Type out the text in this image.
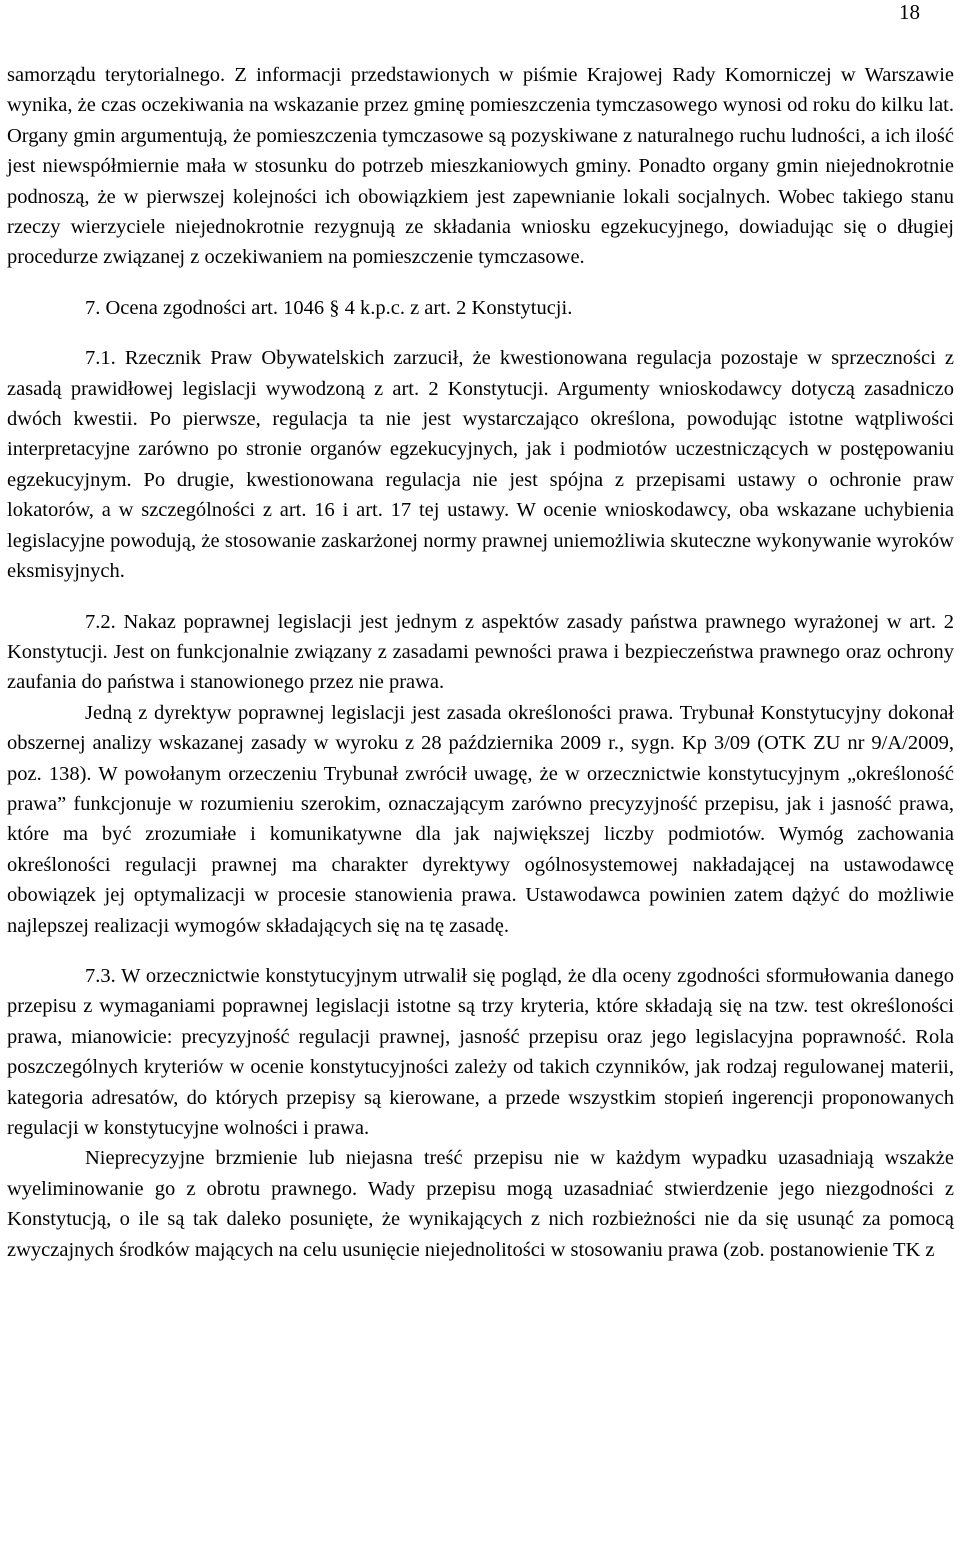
18

samorządu terytorialnego. Z informacji przedstawionych w piśmie Krajowej Rady Komorniczej w Warszawie wynika, że czas oczekiwania na wskazanie przez gminę pomieszczenia tymczasowego wynosi od roku do kilku lat. Organy gmin argumentują, że pomieszczenia tymczasowe są pozyskiwane z naturalnego ruchu ludności, a ich ilość jest niewspółmiernie mała w stosunku do potrzeb mieszkaniowych gminy. Ponadto organy gmin niejednokrotnie podnoszą, że w pierwszej kolejności ich obowiązkiem jest zapewnianie lokali socjalnych. Wobec takiego stanu rzeczy wierzyciele niejednokrotnie rezygnują ze składania wniosku egzekucyjnego, dowiadując się o długiej procedurze związanej z oczekiwaniem na pomieszczenie tymczasowe.

7. Ocena zgodności art. 1046 § 4 k.p.c. z art. 2 Konstytucji.

7.1. Rzecznik Praw Obywatelskich zarzucił, że kwestionowana regulacja pozostaje w sprzeczności z zasadą prawidłowej legislacji wywodzoną z art. 2 Konstytucji. Argumenty wnioskodawcy dotyczą zasadniczo dwóch kwestii. Po pierwsze, regulacja ta nie jest wystarczająco określona, powodując istotne wątpliwości interpretacyjne zarówno po stronie organów egzekucyjnych, jak i podmiotów uczestniczących w postępowaniu egzekucyjnym. Po drugie, kwestionowana regulacja nie jest spójna z przepisami ustawy o ochronie praw lokatorów, a w szczególności z art. 16 i art. 17 tej ustawy. W ocenie wnioskodawcy, oba wskazane uchybienia legislacyjne powodują, że stosowanie zaskarżonej normy prawnej uniemożliwia skuteczne wykonywanie wyroków eksmisyjnych.

7.2. Nakaz poprawnej legislacji jest jednym z aspektów zasady państwa prawnego wyrażonej w art. 2 Konstytucji. Jest on funkcjonalnie związany z zasadami pewności prawa i bezpieczeństwa prawnego oraz ochrony zaufania do państwa i stanowionego przez nie prawa.

Jedną z dyrektyw poprawnej legislacji jest zasada określoności prawa. Trybunał Konstytucyjny dokonał obszernej analizy wskazanej zasady w wyroku z 28 października 2009 r., sygn. Kp 3/09 (OTK ZU nr 9/A/2009, poz. 138). W powołanym orzeczeniu Trybunał zwrócił uwagę, że w orzecznictwie konstytucyjnym „określoność prawa” funkcjonuje w rozumieniu szerokim, oznaczającym zarówno precyzyjność przepisu, jak i jasność prawa, które ma być zrozumiałe i komunikatywne dla jak największej liczby podmiotów. Wymóg zachowania określoności regulacji prawnej ma charakter dyrektywy ogólnosystemowej nakładającej na ustawodawcę obowiązek jej optymalizacji w procesie stanowienia prawa. Ustawodawca powinien zatem dążyć do możliwie najlepszej realizacji wymogów składających się na tę zasadę.

7.3. W orzecznictwie konstytucyjnym utrwalił się pogląd, że dla oceny zgodności sformułowania danego przepisu z wymaganiami poprawnej legislacji istotne są trzy kryteria, które składają się na tzw. test określoności prawa, mianowicie: precyzyjność regulacji prawnej, jasność przepisu oraz jego legislacyjna poprawność. Rola poszczególnych kryteriów w ocenie konstytucyjności zależy od takich czynników, jak rodzaj regulowanej materii, kategoria adresatów, do których przepisy są kierowane, a przede wszystkim stopień ingerencji proponowanych regulacji w konstytucyjne wolności i prawa.

Nieprecyzyjne brzmienie lub niejasna treść przepisu nie w każdym wypadku uzasadniają wszakże wyeliminowanie go z obrotu prawnego. Wady przepisu mogą uzasadniać stwierdzenie jego niezgodności z Konstytucją, o ile są tak daleko posunięte, że wynikających z nich rozbieżności nie da się usunąć za pomocą zwyczajnych środków mających na celu usunięcie niejednolitości w stosowaniu prawa (zob. postanowienie TK z
